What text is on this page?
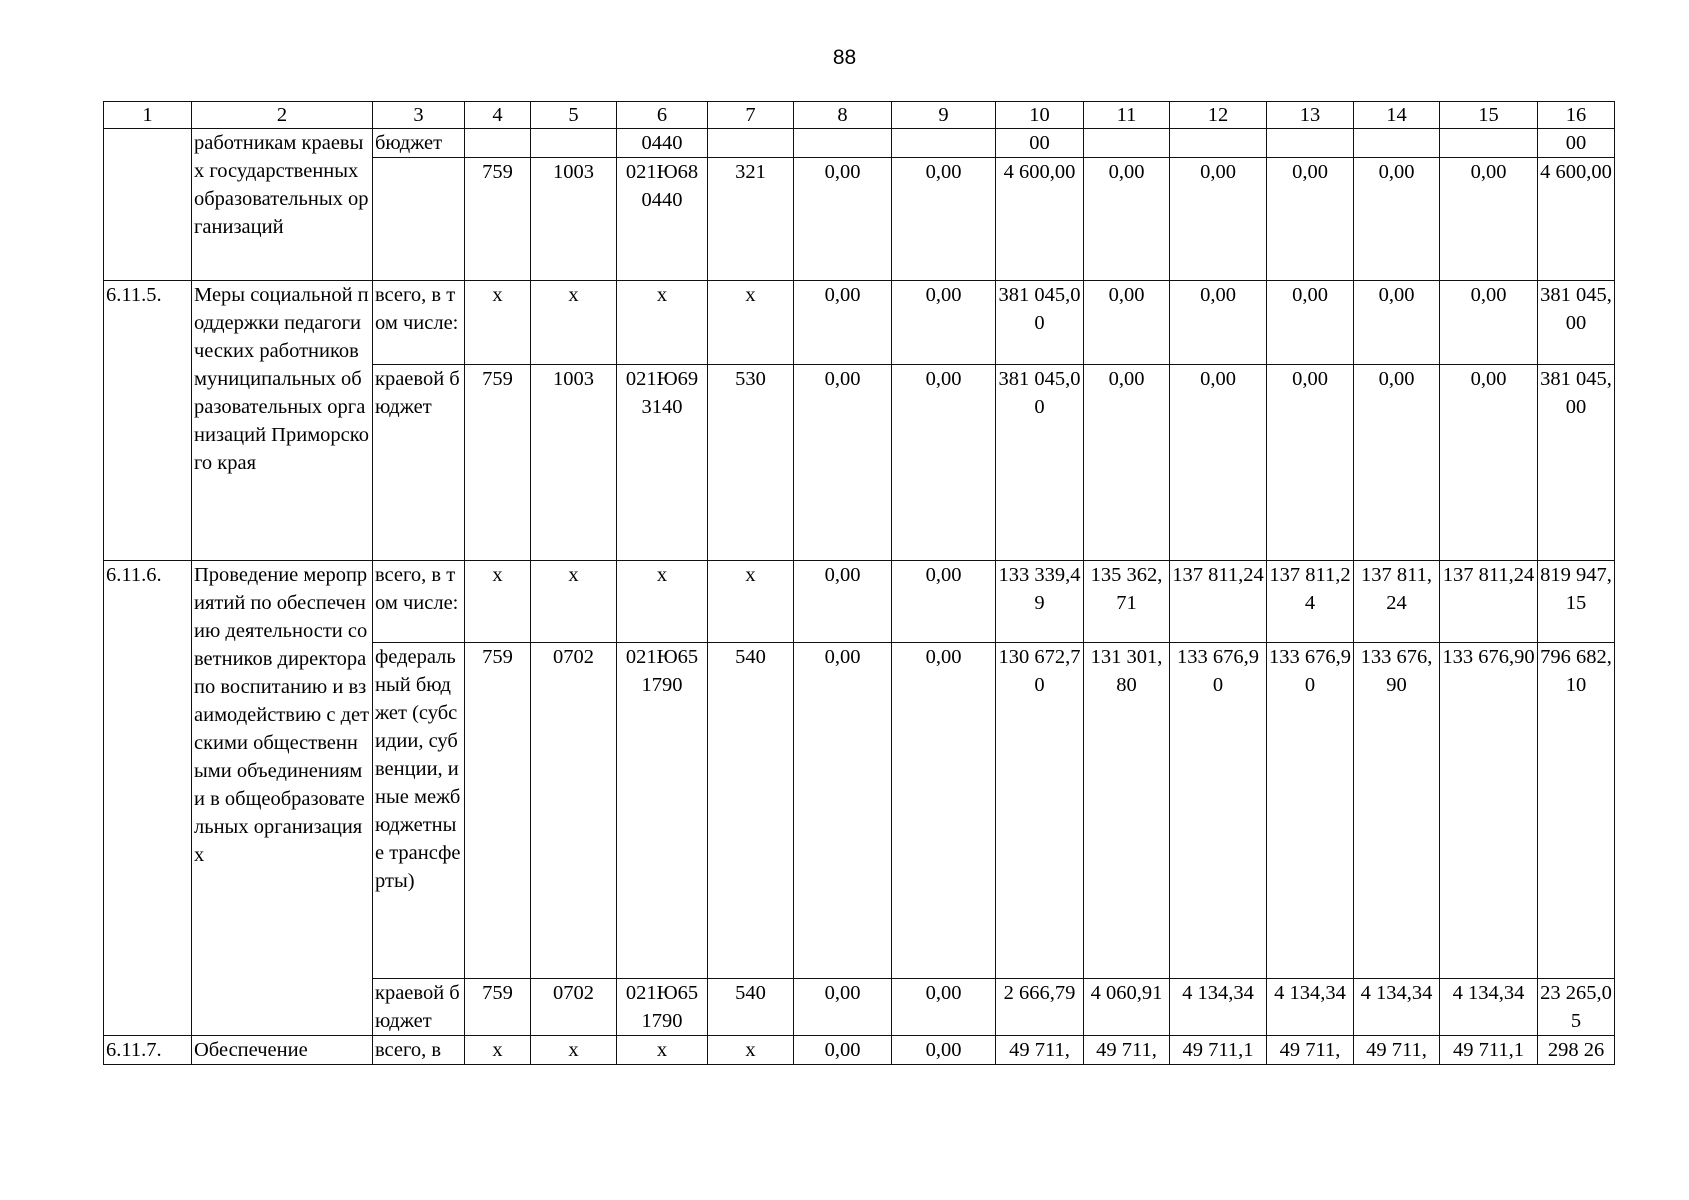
88
1	2	3	4	5	6	7	8	9	10	11	12	13	14	15	16
	работникам краевых государственных образовательных организаций	бюджет			0440				00						00
			759	1003	021Ю68 0440	321	0,00	0,00	4 600,00	0,00	0,00	0,00	0,00	0,00	4 600,00
6.11.5.	Меры социальной поддержки педагогических работников муниципальных образовательных организаций Приморского края	всего, в том числе:	x	x	x	x	0,00	0,00	381 045,00	0,00	0,00	0,00	0,00	0,00	381 045,00
		краевой бюджет	759	1003	021Ю69 3140	530	0,00	0,00	381 045,00	0,00	0,00	0,00	0,00	0,00	381 045,00
6.11.6.	Проведение мероприятий по обеспечению деятельности советников директора по воспитанию и взаимодействию с детскими общественными объединениями в общеобразовательных организациях	всего, в том числе:	x	x	x	x	0,00	0,00	133 339,49	135 362,71	137 811,24	137 811,24	137 811,24	137 811,24	819 947,15
		федеральный бюджет (субсидии, субвенции, иные межбюджетные трансферты)	759	0702	021Ю65 1790	540	0,00	0,00	130 672,70	131 301,80	133 676,90	133 676,90	133 676,90	133 676,90	796 682,10
		краевой бюджет	759	0702	021Ю65 1790	540	0,00	0,00	2 666,79	4 060,91	4 134,34	4 134,34	4 134,34	4 134,34	23 265,05
6.11.7.	Обеспечение	всего, в	x	x	x	x	0,00	0,00	49 711,	49 711,	49 711,1	49 711,	49 711,	49 711,1	298 26
